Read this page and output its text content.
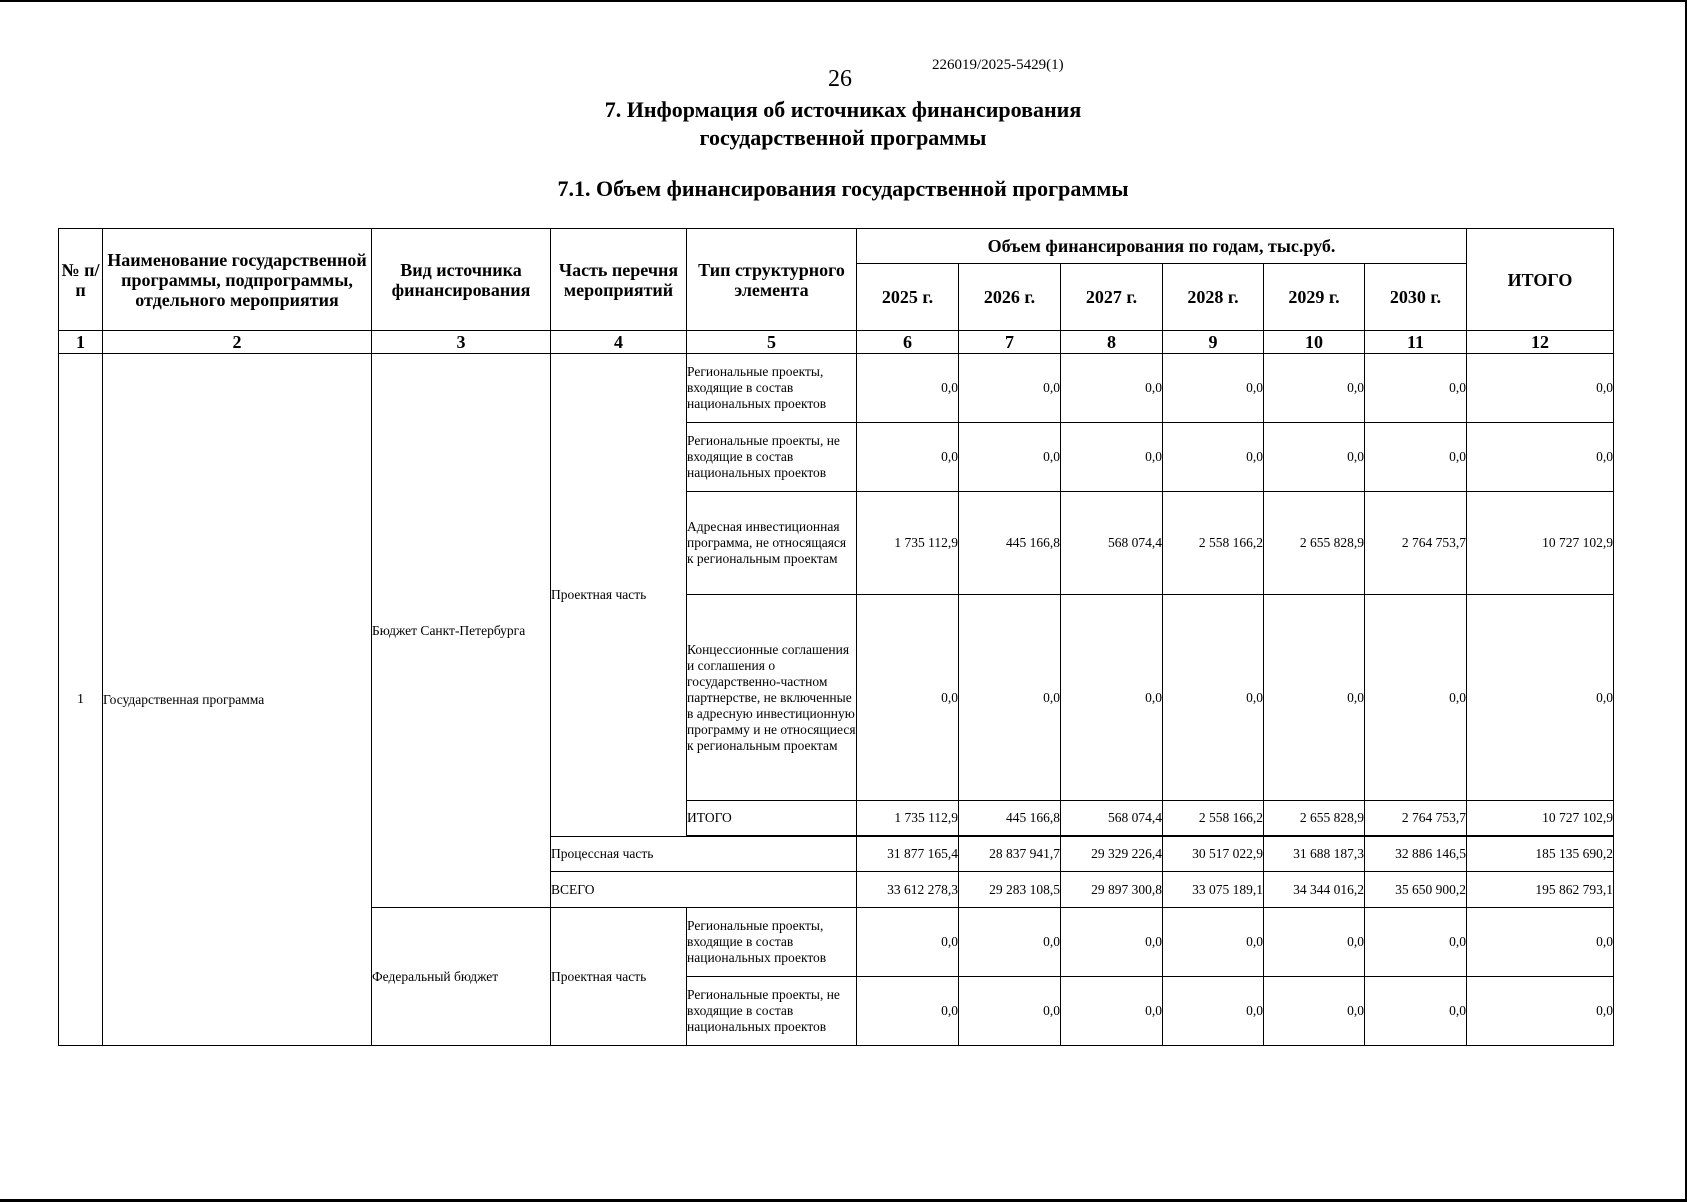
226019/2025-5429(1)
26
7. Информация об источниках финансирования
государственной программы
7.1. Объем финансирования государственной программы
№ п/п	Наименование государственной программы, подпрограммы, отдельного мероприятия	Вид источника финансирования	Часть перечня мероприятий	Тип структурного элемента	Объем финансирования по годам, тыс.руб.						ИТОГО
					2025 г.	2026 г.	2027 г.	2028 г.	2029 г.	2030 г.	
1	2	3	4	5	6	7	8	9	10	11	12
1	Государственная программа	Бюджет Санкт-Петербурга	Проектная часть	Региональные проекты, входящие в состав национальных проектов	0,0	0,0	0,0	0,0	0,0	0,0	0,0
				Региональные проекты, не входящие в состав национальных проектов	0,0	0,0	0,0	0,0	0,0	0,0	0,0
				Адресная инвестиционная программа, не относящаяся к региональным проектам	1 735 112,9	445 166,8	568 074,4	2 558 166,2	2 655 828,9	2 764 753,7	10 727 102,9
				Концессионные соглашения и соглашения о государственно-частном партнерстве, не включенные в адресную инвестиционную программу и не относящиеся к региональным проектам	0,0	0,0	0,0	0,0	0,0	0,0	0,0
				ИТОГО	1 735 112,9	445 166,8	568 074,4	2 558 166,2	2 655 828,9	2 764 753,7	10 727 102,9

			Процессная часть		31 877 165,4	28 837 941,7	29 329 226,4	30 517 022,9	31 688 187,3	32 886 146,5	185 135 690,2
			ВСЕГО		33 612 278,3	29 283 108,5	29 897 300,8	33 075 189,1	34 344 016,2	35 650 900,2	195 862 793,1
		Федеральный бюджет	Проектная часть	Региональные проекты, входящие в состав национальных проектов	0,0	0,0	0,0	0,0	0,0	0,0	0,0
				Региональные проекты, не входящие в состав национальных проектов	0,0	0,0	0,0	0,0	0,0	0,0	0,0
